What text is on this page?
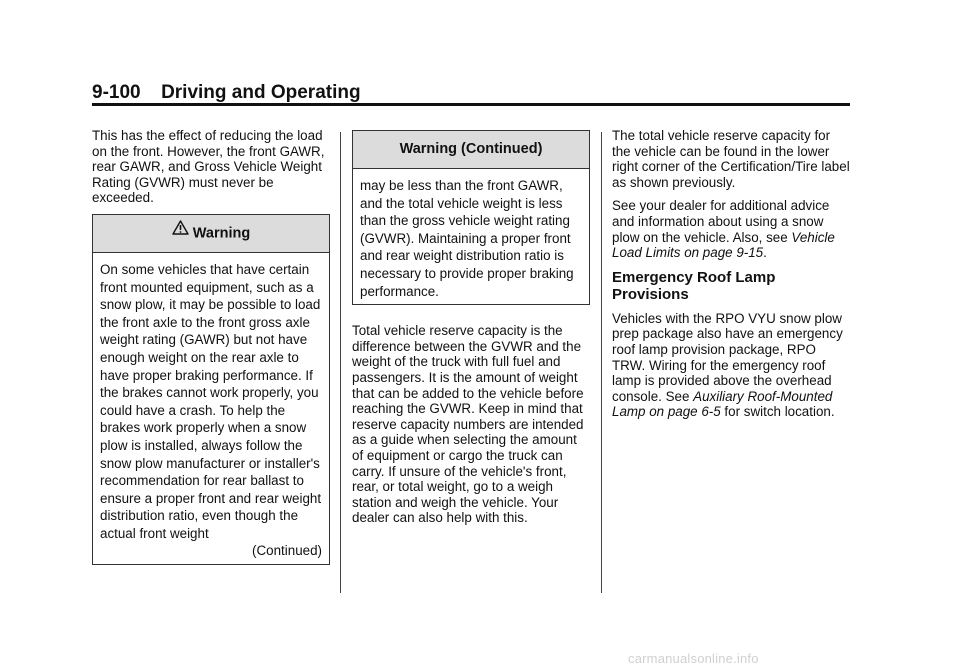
9-100 Driving and Operating

This has the effect of reducing the load on the front. However, the front GAWR, rear GAWR, and Gross Vehicle Weight Rating (GVWR) must never be exceeded.

Warning
On some vehicles that have certain front mounted equipment, such as a snow plow, it may be possible to load the front axle to the front gross axle weight rating (GAWR) but not have enough weight on the rear axle to have proper braking performance. If the brakes cannot work properly, you could have a crash. To help the brakes work properly when a snow plow is installed, always follow the snow plow manufacturer or installer's recommendation for rear ballast to ensure a proper front and rear weight distribution ratio, even though the actual front weight
(Continued)
Warning (Continued)
may be less than the front GAWR, and the total vehicle weight is less than the gross vehicle weight rating (GVWR). Maintaining a proper front and rear weight distribution ratio is necessary to provide proper braking performance.

Total vehicle reserve capacity is the difference between the GVWR and the weight of the truck with full fuel and passengers. It is the amount of weight that can be added to the vehicle before reaching the GVWR. Keep in mind that reserve capacity numbers are intended as a guide when selecting the amount of equipment or cargo the truck can carry. If unsure of the vehicle's front, rear, or total weight, go to a weigh station and weigh the vehicle. Your dealer can also help with this.

The total vehicle reserve capacity for the vehicle can be found in the lower right corner of the Certification/Tire label as shown previously.

See your dealer for additional advice and information about using a snow plow on the vehicle. Also, see Vehicle Load Limits on page 9-15.

Emergency Roof Lamp Provisions

Vehicles with the RPO VYU snow plow prep package also have an emergency roof lamp provision package, RPO TRW. Wiring for the emergency roof lamp is provided above the overhead console. See Auxiliary Roof-Mounted Lamp on page 6-5 for switch location.

carmanualsonline.info
